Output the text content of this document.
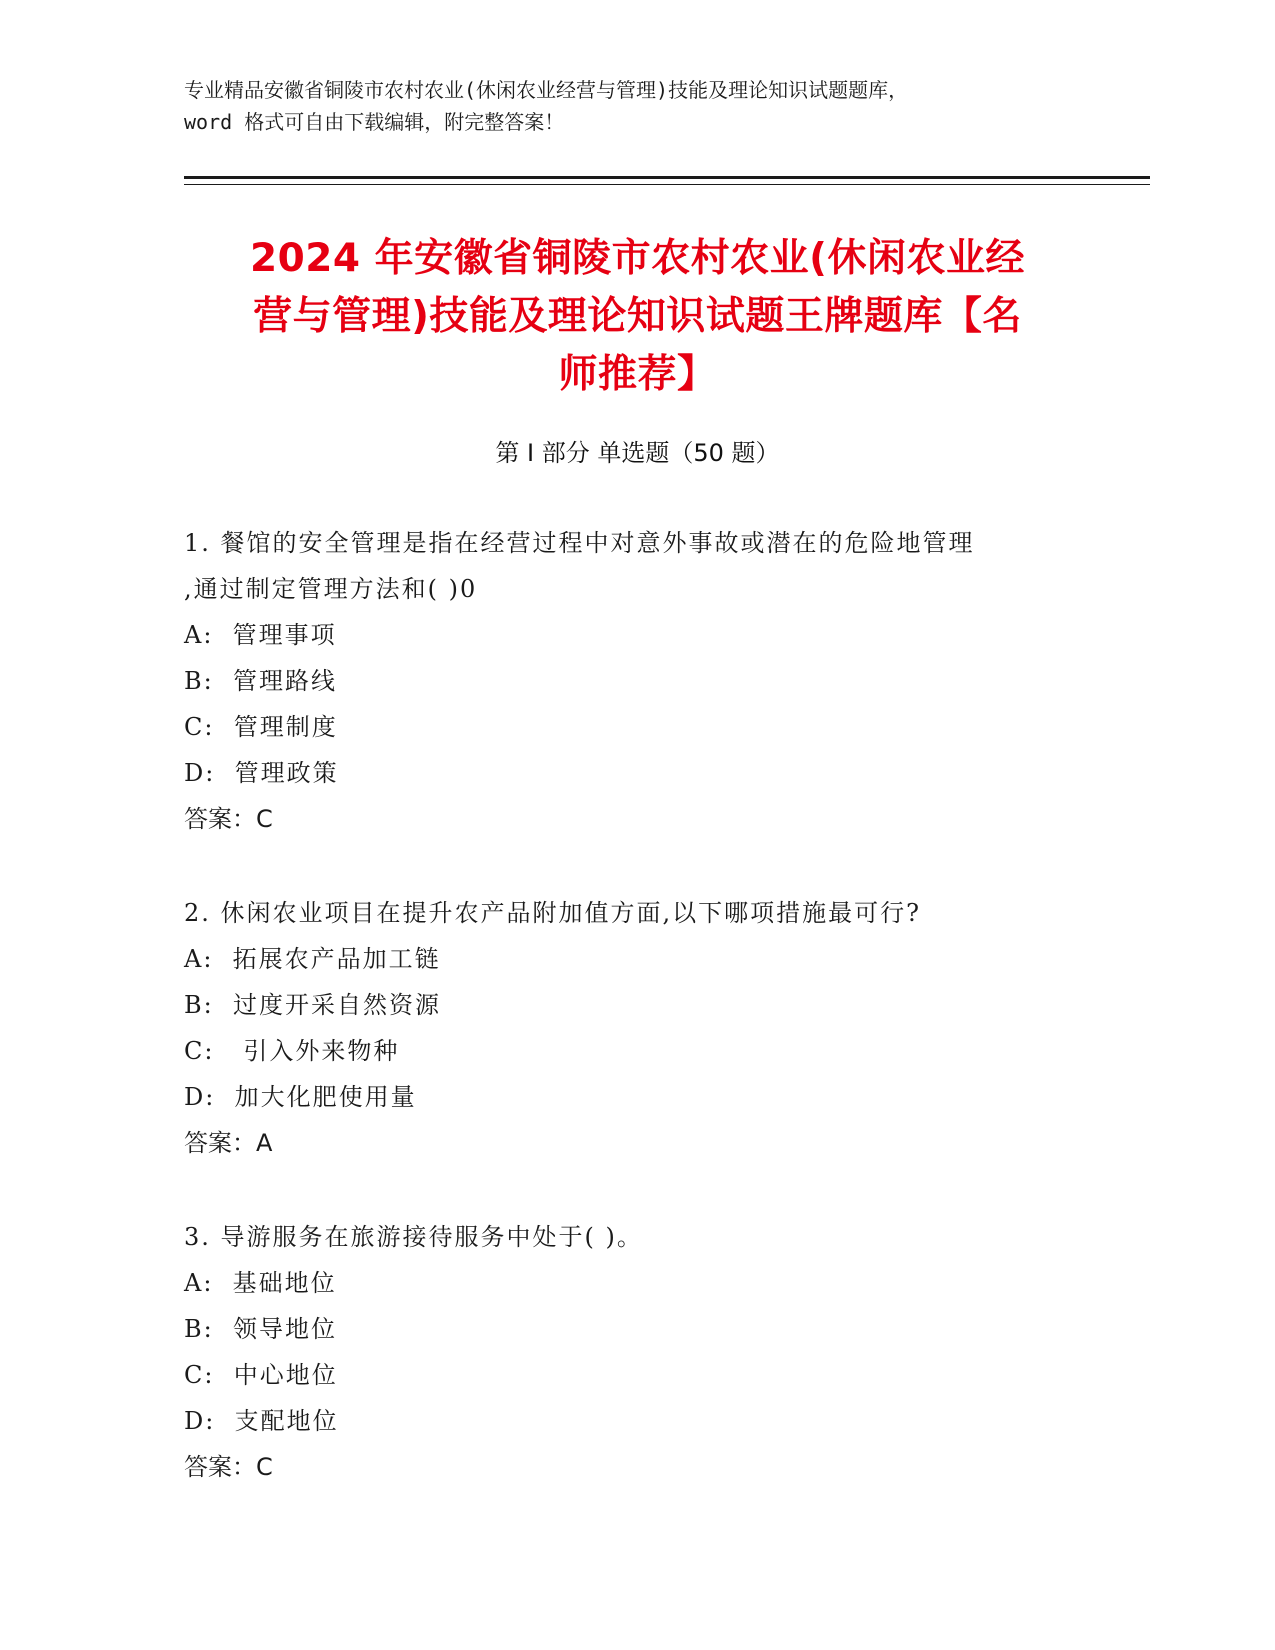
专业精品安徽省铜陵市农村农业(休闲农业经营与管理)技能及理论知识试题题库，
word 格式可自由下载编辑，附完整答案！
2024 年安徽省铜陵市农村农业(休闲农业经
营与管理)技能及理论知识试题王牌题库【名
师推荐】
第 I 部分 单选题（50 题）
1. 餐馆的安全管理是指在经营过程中对意外事故或潜在的危险地管理
,通过制定管理方法和( )0
A:  管理事项
B:  管理路线
C:  管理制度
D:  管理政策
答案：C
2. 休闲农业项目在提升农产品附加值方面,以下哪项措施最可行?
A:  拓展农产品加工链
B:  过度开采自然资源
C:   引入外来物种
D:  加大化肥使用量
答案：A
3. 导游服务在旅游接待服务中处于( )。
A:  基础地位
B:  领导地位
C:  中心地位
D:  支配地位
答案：C
